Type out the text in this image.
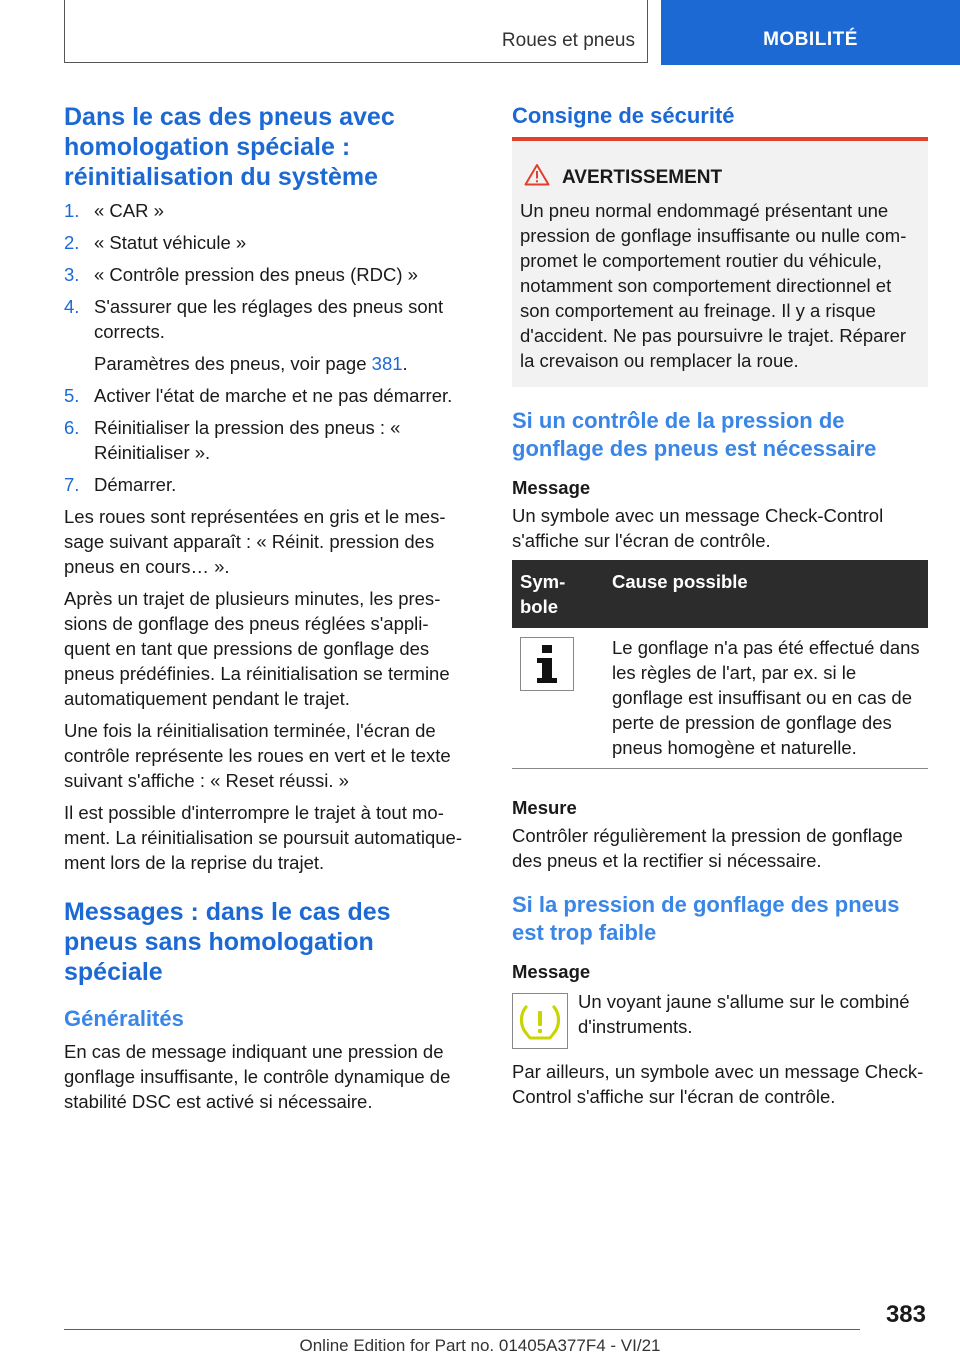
Roues et pneus	MOBILITÉ
Dans le cas des pneus avec homologation spéciale : réinitialisation du système
1. « CAR »
2. « Statut véhicule »
3. « Contrôle pression des pneus (RDC) »
4. S'assurer que les réglages des pneus sont corrects.
Paramètres des pneus, voir page 381.
5. Activer l'état de marche et ne pas démarrer.
6. Réinitialiser la pression des pneus : « Réinitialiser ».
7. Démarrer.

Les roues sont représentées en gris et le message suivant apparaît : « Réinit. pression des pneus en cours… ».

Après un trajet de plusieurs minutes, les pressions de gonflage des pneus réglées s'appliquent en tant que pressions de gonflage des pneus prédéfinies. La réinitialisation se termine automatiquement pendant le trajet.

Une fois la réinitialisation terminée, l'écran de contrôle représente les roues en vert et le texte suivant s'affiche : « Reset réussi. »

Il est possible d'interrompre le trajet à tout moment. La réinitialisation se poursuit automatiquement lors de la reprise du trajet.

Messages : dans le cas des pneus sans homologation spéciale
Généralités

En cas de message indiquant une pression de gonflage insuffisante, le contrôle dynamique de stabilité DSC est activé si nécessaire.

Consigne de sécurité
AVERTISSEMENT

Un pneu normal endommagé présentant une pression de gonflage insuffisante ou nulle compromet le comportement routier du véhicule, notamment son comportement directionnel et son comportement au freinage. Il y a risque d'accident. Ne pas poursuivre le trajet. Réparer la crevaison ou remplacer la roue.

Si un contrôle de la pression de gonflage des pneus est nécessaire
Message

Un symbole avec un message Check-Control s'affiche sur l'écran de contrôle.

Symbole	Cause possible

	Le gonflage n'a pas été effectué dans les règles de l'art, par ex. si le gonflage est insuffisant ou en cas de perte de pression de gonflage des pneus homogène et naturelle.
Mesure

Contrôler régulièrement la pression de gonflage des pneus et la rectifier si nécessaire.

Si la pression de gonflage des pneus est trop faible
Message

Un voyant jaune s'allume sur le combiné d'instruments.

Par ailleurs, un symbole avec un message Check-Control s'affiche sur l'écran de contrôle.

383
Online Edition for Part no. 01405A377F4 - VI/21
